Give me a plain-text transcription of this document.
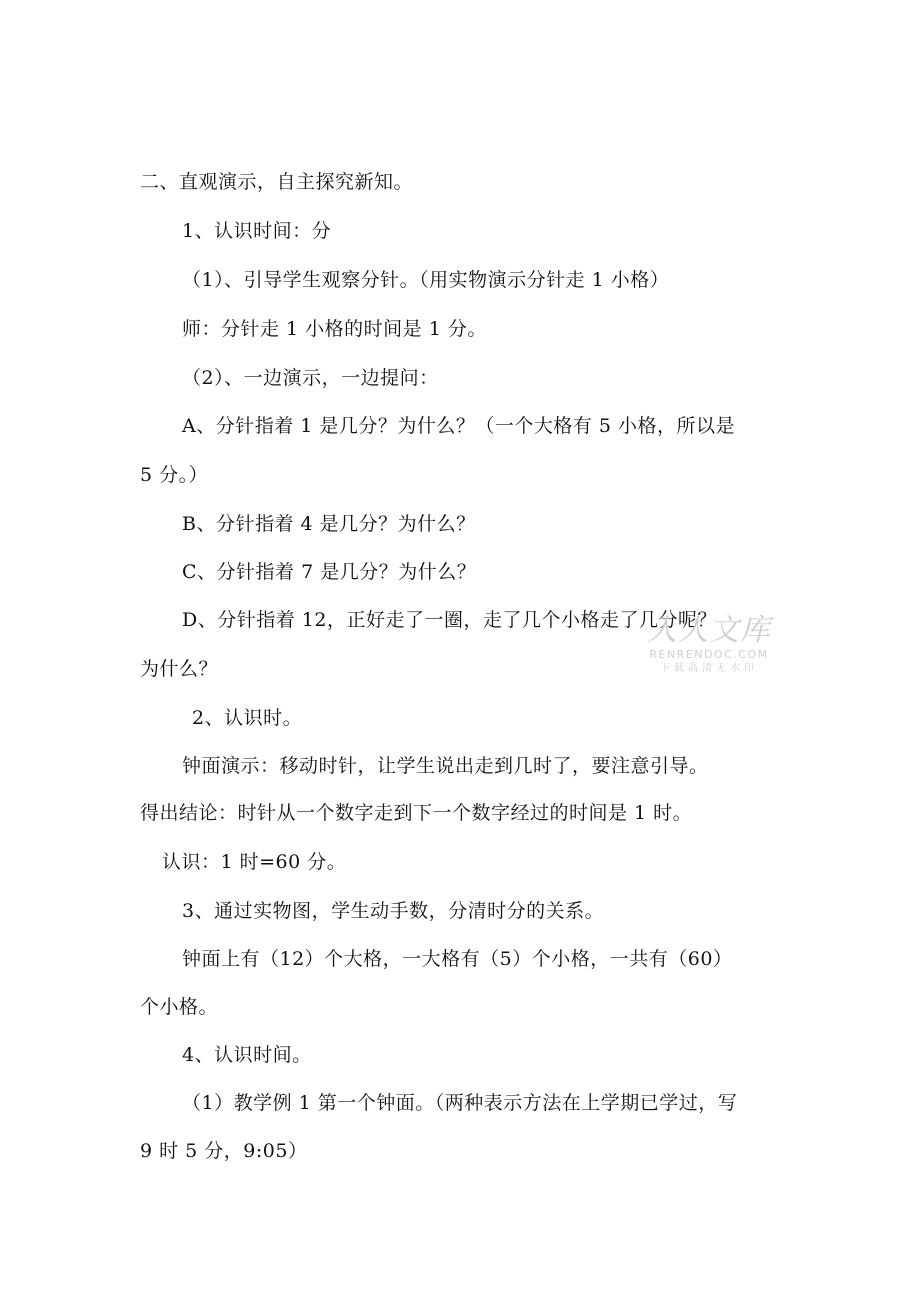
二、直观演示，自主探究新知。
1、认识时间：分
（1）、引导学生观察分针。（用实物演示分针走 1 小格）
师：分针走 1 小格的时间是 1 分。
（2）、一边演示，一边提问：
A、分针指着 1 是几分？为什么？（一个大格有 5 小格，所以是
5 分。）
B、分针指着 4 是几分？为什么？
C、分针指着 7 是几分？为什么？
D、分针指着 12，正好走了一圈，走了几个小格走了几分呢？
为什么？
2、认识时。
钟面演示：移动时针，让学生说出走到几时了，要注意引导。
得出结论：时针从一个数字走到下一个数字经过的时间是 1 时。
认识：1 时=60 分。
3、通过实物图，学生动手数，分清时分的关系。
钟面上有（12）个大格，一大格有（5）个小格，一共有（60）
个小格。
4、认识时间。
（1）教学例 1 第一个钟面。（两种表示方法在上学期已学过，写
9 时 5 分，9:05）
人人文库
RENRENDOC.COM
下载高清无水印
